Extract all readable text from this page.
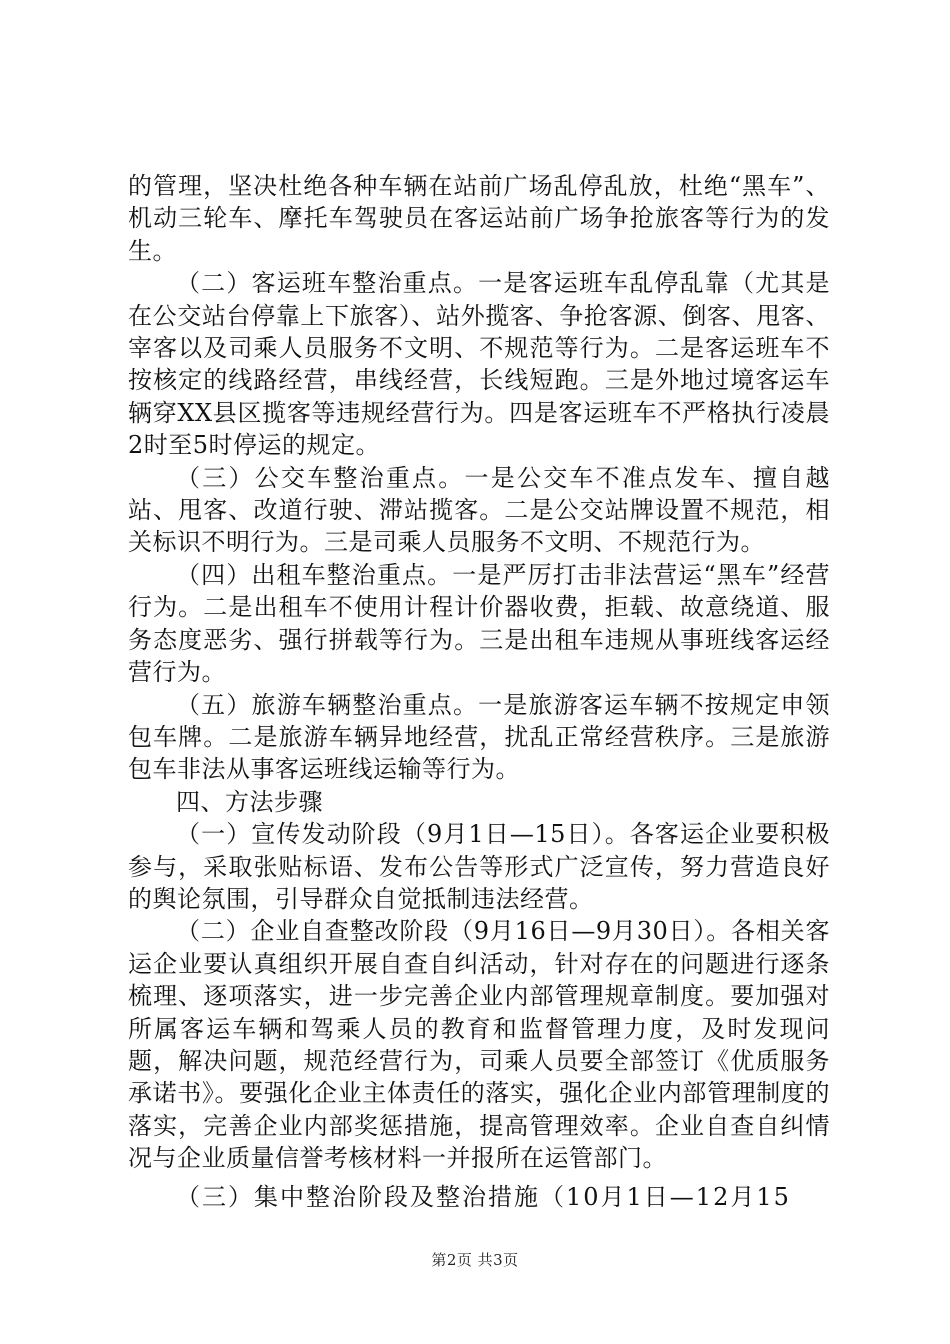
的管理，坚决杜绝各种车辆在站前广场乱停乱放，杜绝“黑车”、机动三轮车、摩托车驾驶员在客运站前广场争抢旅客等行为的发生。

（二）客运班车整治重点。一是客运班车乱停乱靠（尤其是在公交站台停靠上下旅客）、站外揽客、争抢客源、倒客、甩客、宰客以及司乘人员服务不文明、不规范等行为。二是客运班车不按核定的线路经营，串线经营，长线短跑。三是外地过境客运车辆穿XX县区揽客等违规经营行为。四是客运班车不严格执行凌晨2时至5时停运的规定。

（三）公交车整治重点。一是公交车不准点发车、擅自越站、甩客、改道行驶、滞站揽客。二是公交站牌设置不规范，相关标识不明行为。三是司乘人员服务不文明、不规范行为。

（四）出租车整治重点。一是严厉打击非法营运“黑车”经营行为。二是出租车不使用计程计价器收费，拒载、故意绕道、服务态度恶劣、强行拼载等行为。三是出租车违规从事班线客运经营行为。

（五）旅游车辆整治重点。一是旅游客运车辆不按规定申领包车牌。二是旅游车辆异地经营，扰乱正常经营秩序。三是旅游包车非法从事客运班线运输等行为。

四、方法步骤

（一）宣传发动阶段（9月1日—15日）。各客运企业要积极参与，采取张贴标语、发布公告等形式广泛宣传，努力营造良好的舆论氛围，引导群众自觉抵制违法经营。

（二）企业自查整改阶段（9月16日—9月30日）。各相关客运企业要认真组织开展自查自纠活动，针对存在的问题进行逐条梳理、逐项落实，进一步完善企业内部管理规章制度。要加强对所属客运车辆和驾乘人员的教育和监督管理力度，及时发现问题，解决问题，规范经营行为，司乘人员要全部签订《优质服务承诺书》。要强化企业主体责任的落实，强化企业内部管理制度的落实，完善企业内部奖惩措施，提高管理效率。企业自查自纠情况与企业质量信誉考核材料一并报所在运管部门。

（三）集中整治阶段及整治措施（10月1日—12月15

第2页 共3页
